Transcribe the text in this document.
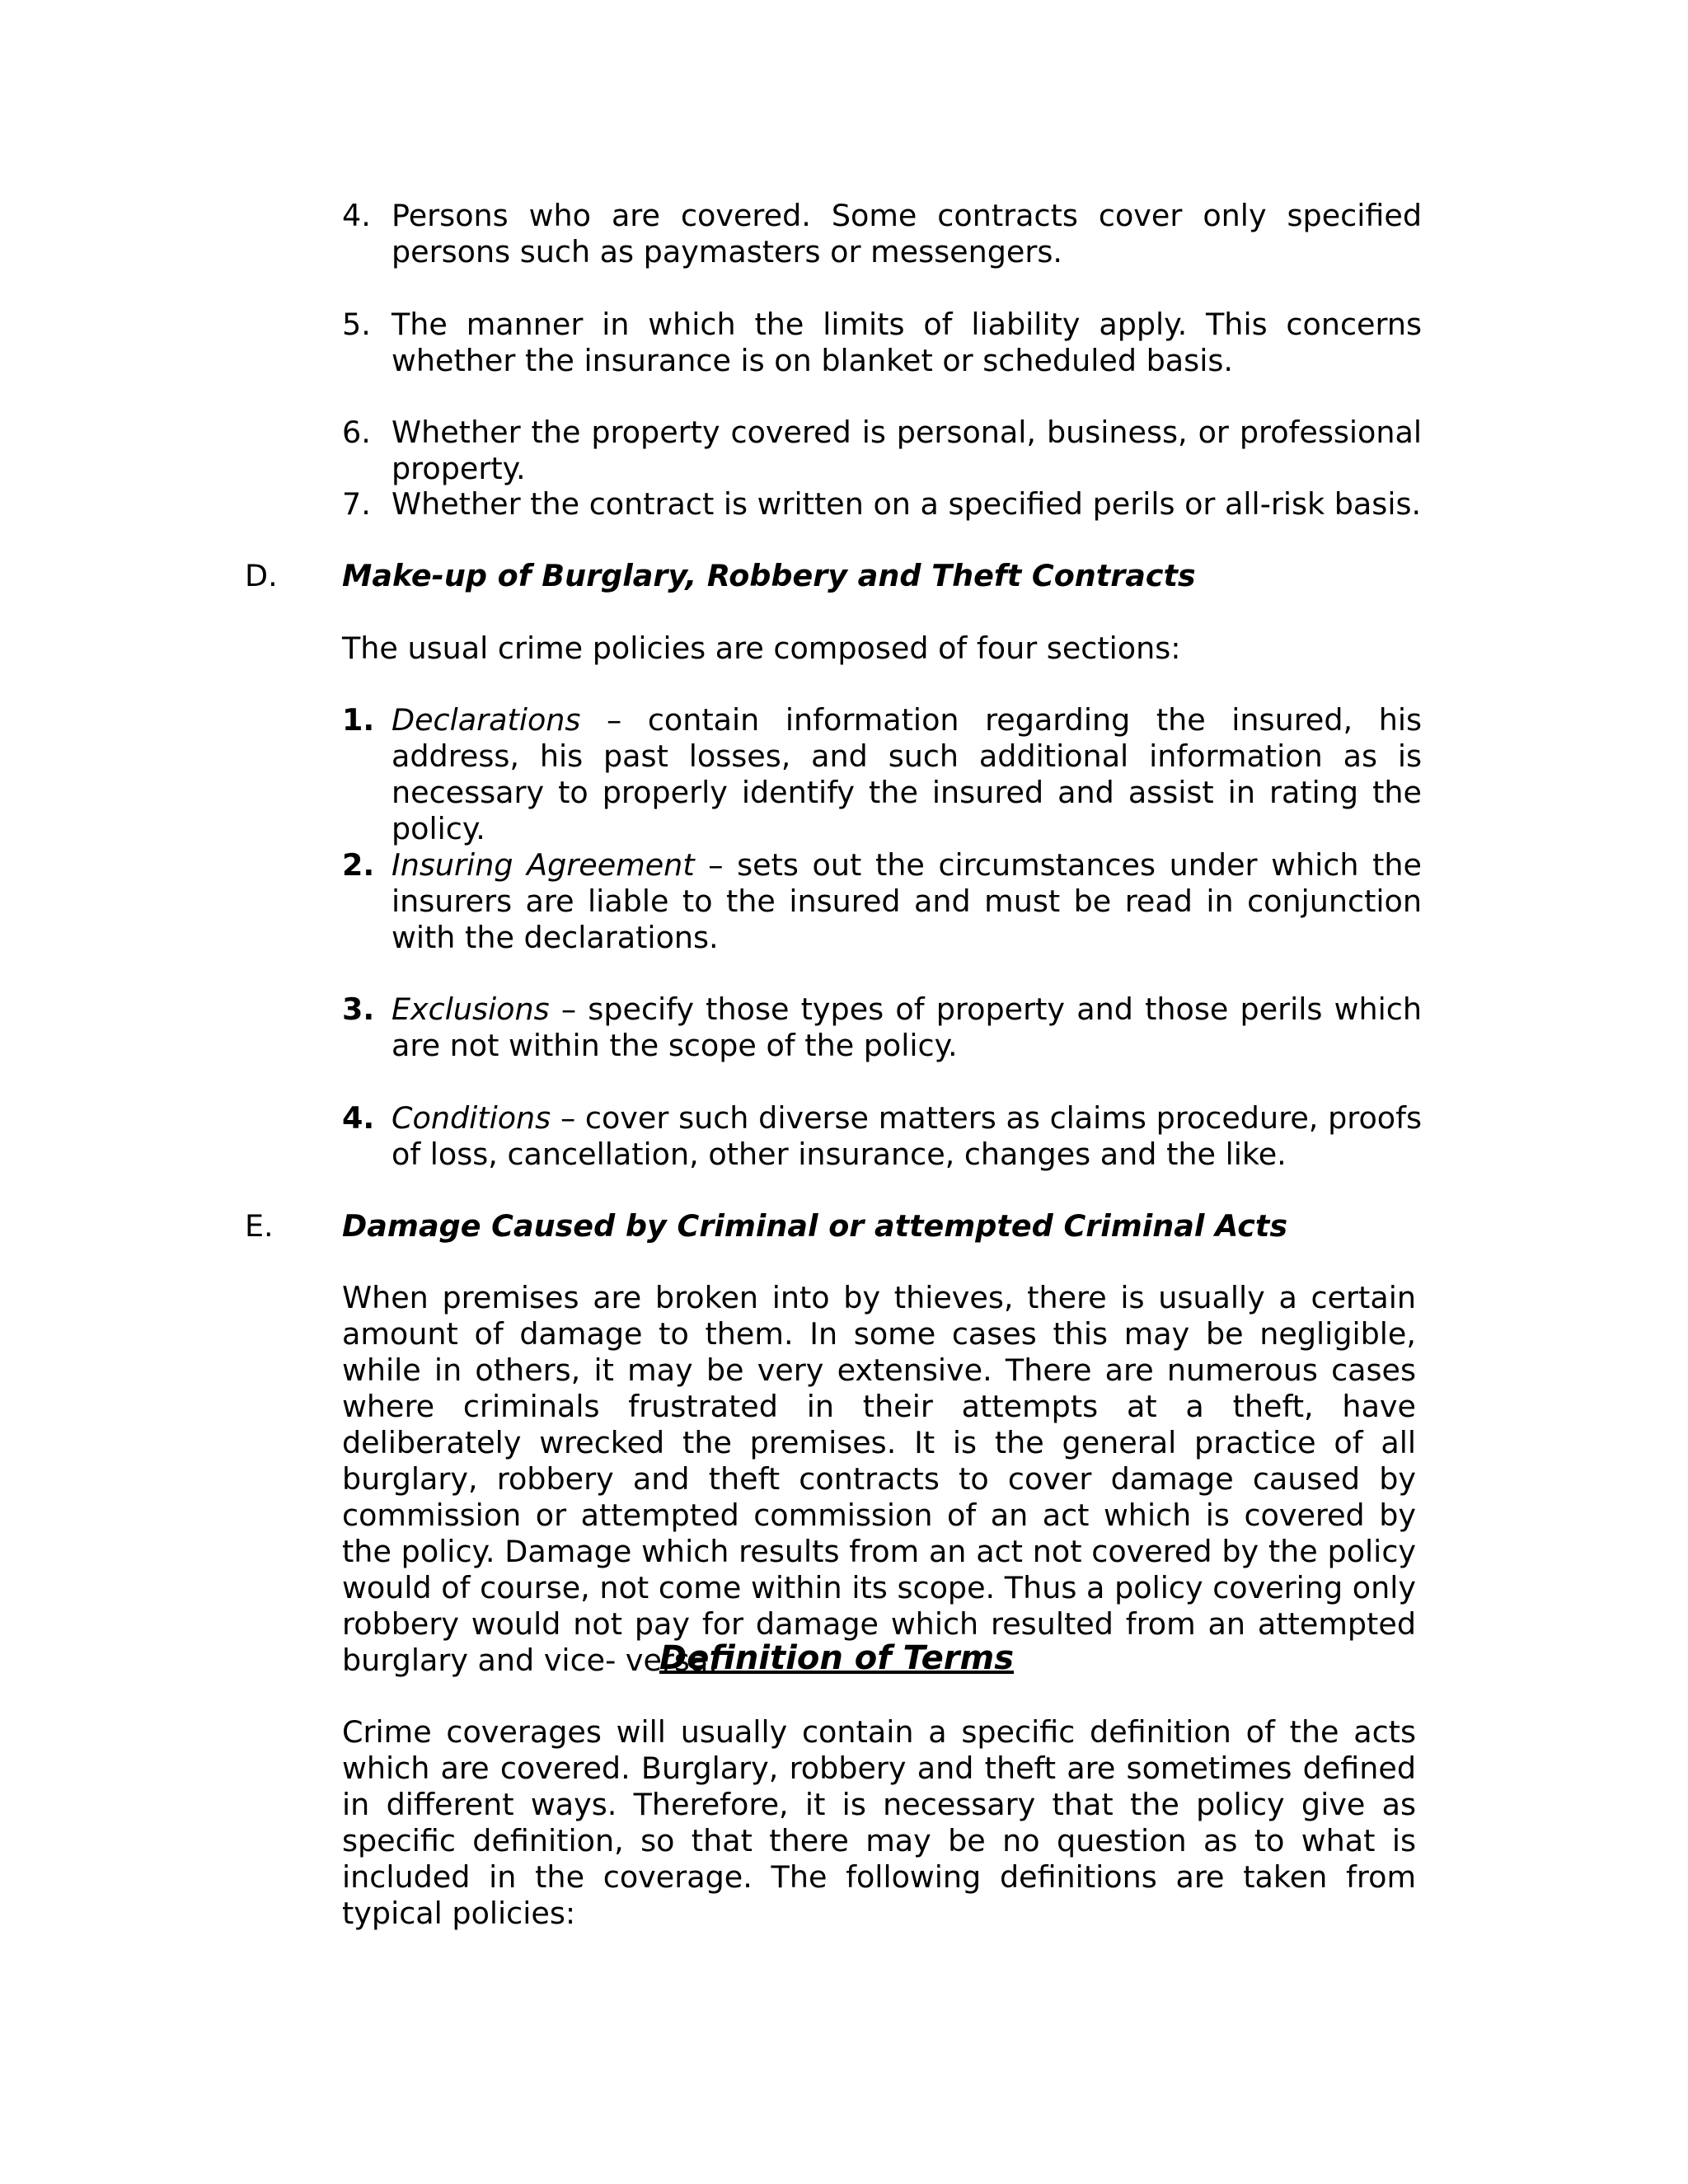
4. Persons who are covered. Some contracts cover only specified persons such as paymasters or messengers.
5. The manner in which the limits of liability apply. This concerns whether the insurance is on blanket or scheduled basis.
6. Whether the property covered is personal, business, or professional property.
7. Whether the contract is written on a specified perils or all-risk basis.
D. Make-up of Burglary, Robbery and Theft Contracts
The usual crime policies are composed of four sections:
1. Declarations – contain information regarding the insured, his address, his past losses, and such additional information as is necessary to properly identify the insured and assist in rating the policy.
2. Insuring Agreement – sets out the circumstances under which the insurers are liable to the insured and must be read in conjunction with the declarations.
3. Exclusions – specify those types of property and those perils which are not within the scope of the policy.
4. Conditions – cover such diverse matters as claims procedure, proofs of loss, cancellation, other insurance, changes and the like.
E. Damage Caused by Criminal or attempted Criminal Acts
When premises are broken into by thieves, there is usually a certain amount of damage to them. In some cases this may be negligible, while in others, it may be very extensive. There are numerous cases where criminals frustrated in their attempts at a theft, have deliberately wrecked the premises. It is the general practice of all burglary, robbery and theft contracts to cover damage caused by commission or attempted commission of an act which is covered by the policy. Damage which results from an act not covered by the policy would of course, not come within its scope. Thus a policy covering only robbery would not pay for damage which resulted from an attempted burglary and vice- versa.
Definition of Terms
Crime coverages will usually contain a specific definition of the acts which are covered. Burglary, robbery and theft are sometimes defined in different ways. Therefore, it is necessary that the policy give as specific definition, so that there may be no question as to what is included in the coverage. The following definitions are taken from typical policies:
